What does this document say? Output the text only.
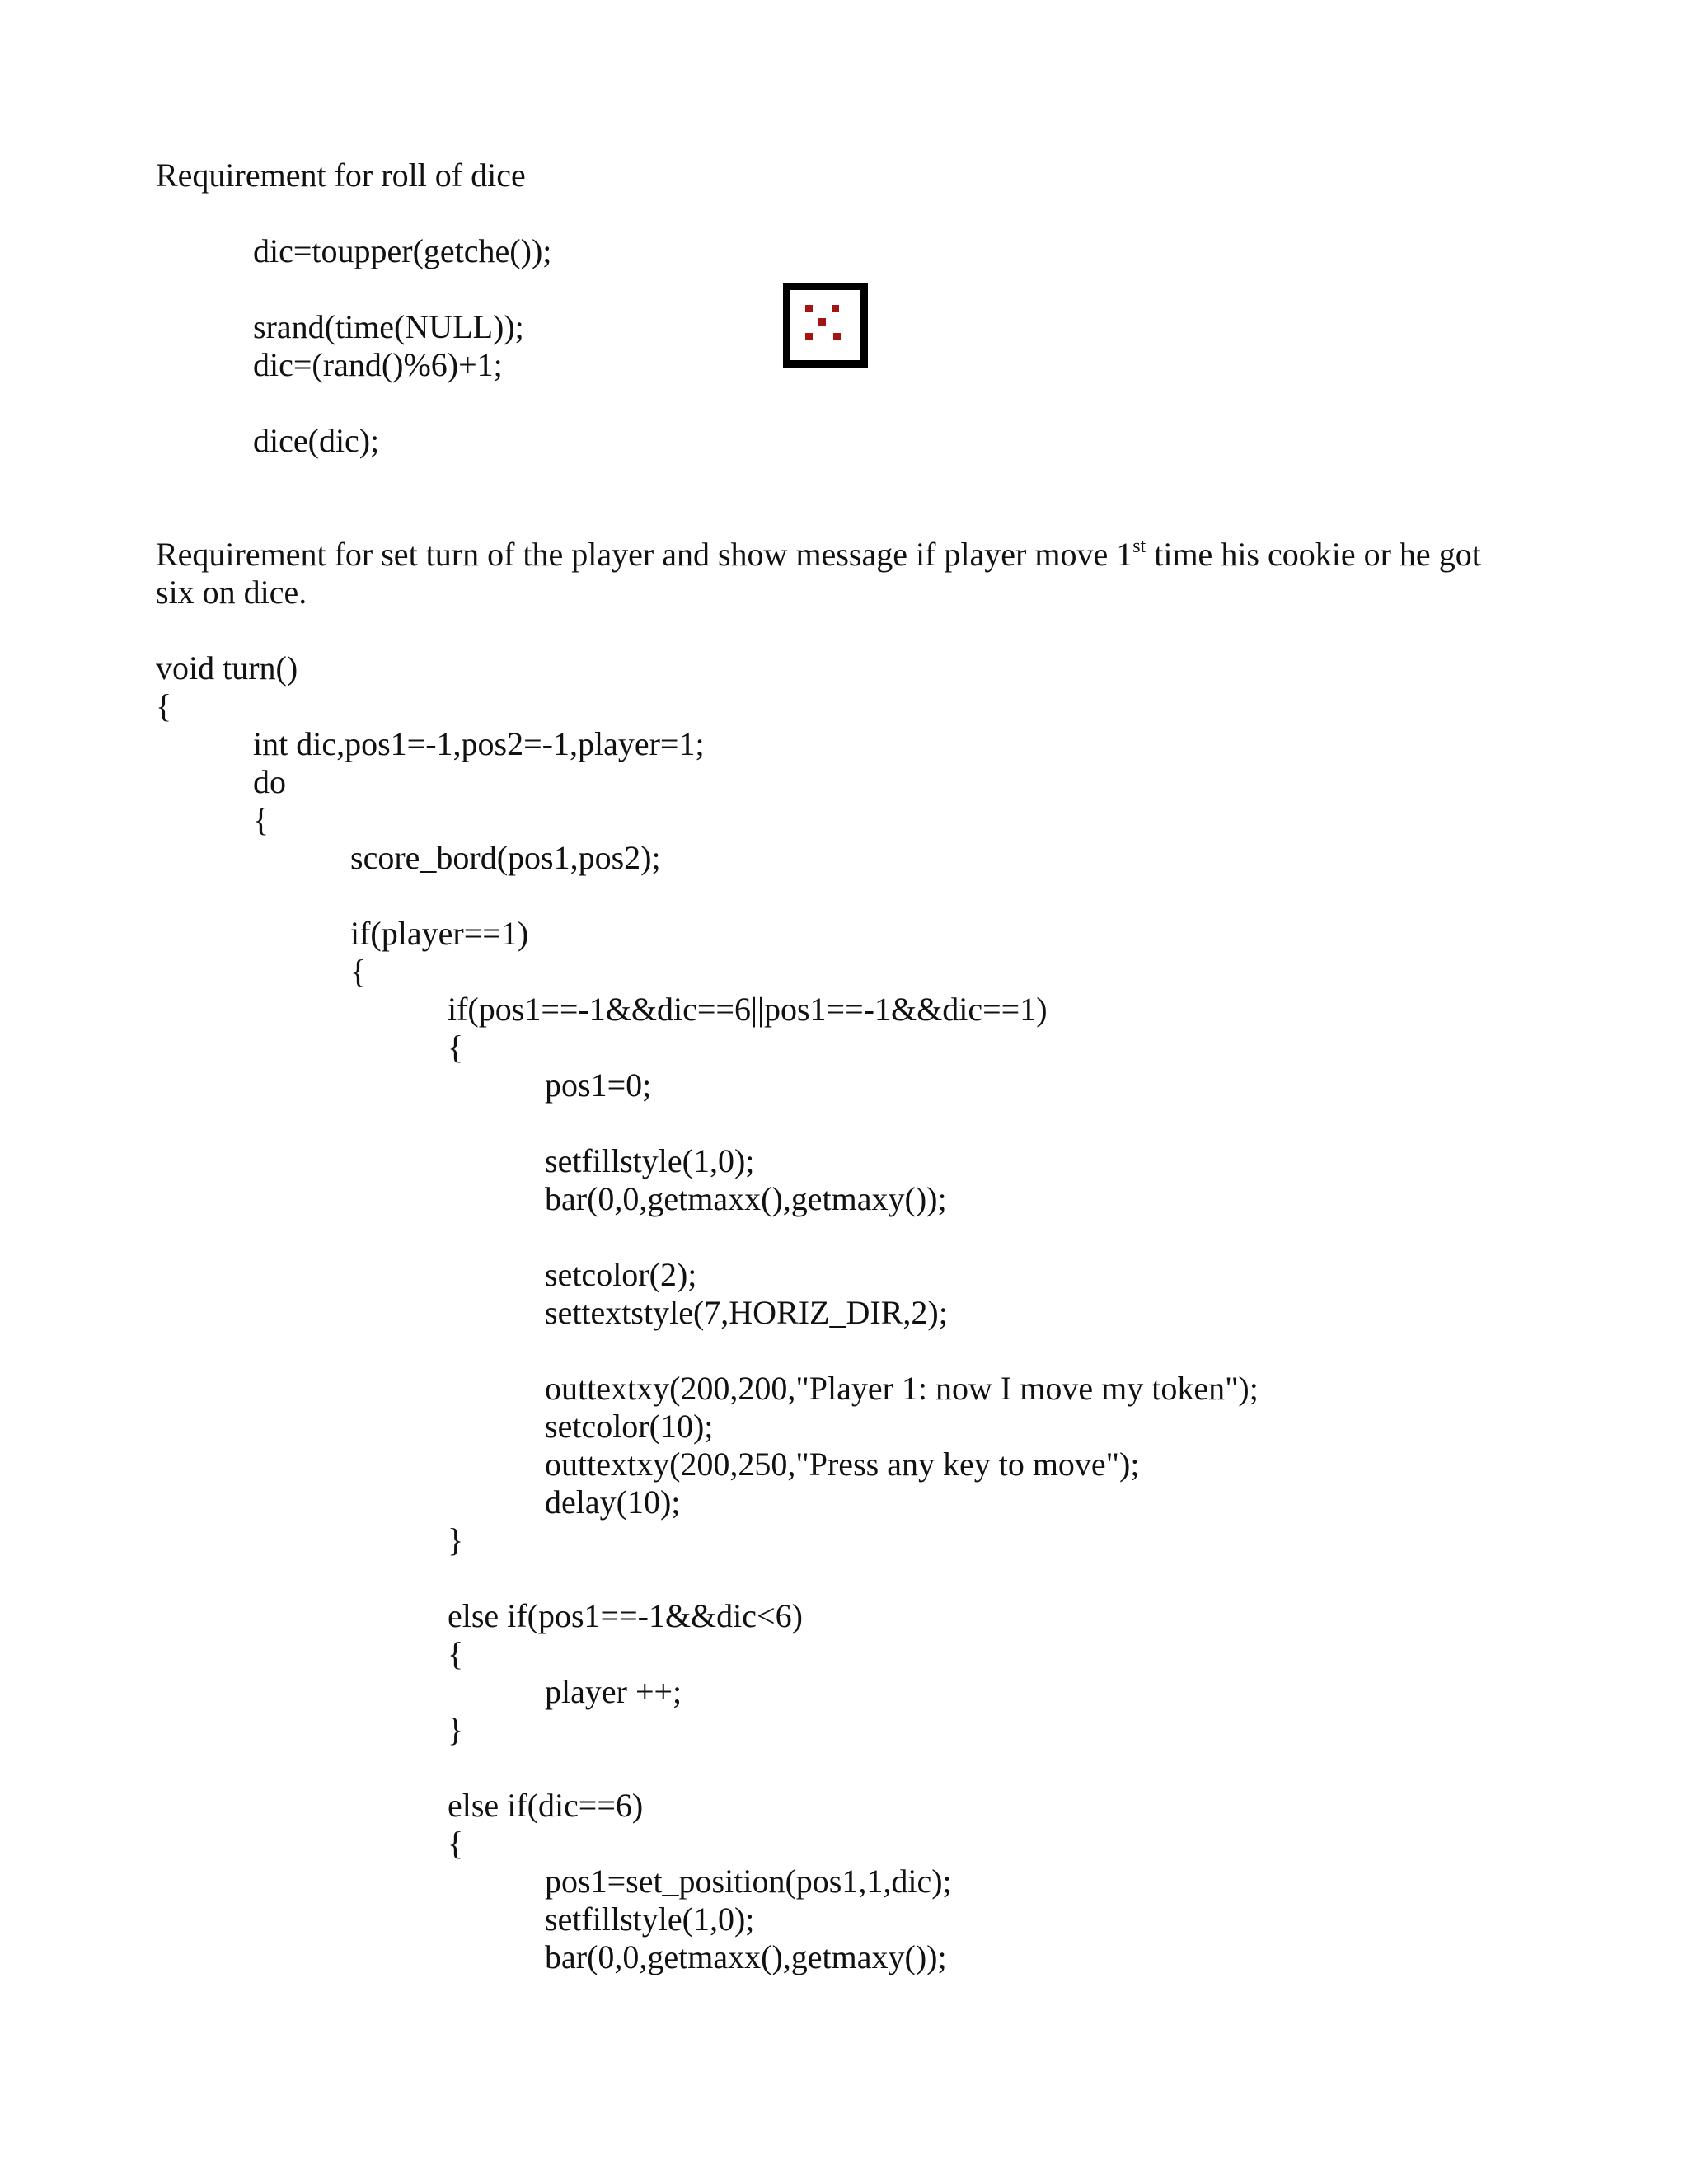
Requirement for roll of dice
dic=toupper(getche());
srand(time(NULL));
dic=(rand()%6)+1;
dice(dic);
Requirement for set turn of the player and show message if player move 1st time his cookie or he got
six on dice.
void turn()
{
int dic,pos1=-1,pos2=-1,player=1;
do
{
score_bord(pos1,pos2);
if(player==1)
{
if(pos1==-1&&dic==6||pos1==-1&&dic==1)
{
pos1=0;
setfillstyle(1,0);
bar(0,0,getmaxx(),getmaxy());
setcolor(2);
settextstyle(7,HORIZ_DIR,2);
outtextxy(200,200,"Player 1: now I move my token");
setcolor(10);
outtextxy(200,250,"Press any key to move");
delay(10);
}
else if(pos1==-1&&dic<6)
{
player ++;
}
else if(dic==6)
{
pos1=set_position(pos1,1,dic);
setfillstyle(1,0);
bar(0,0,getmaxx(),getmaxy());
